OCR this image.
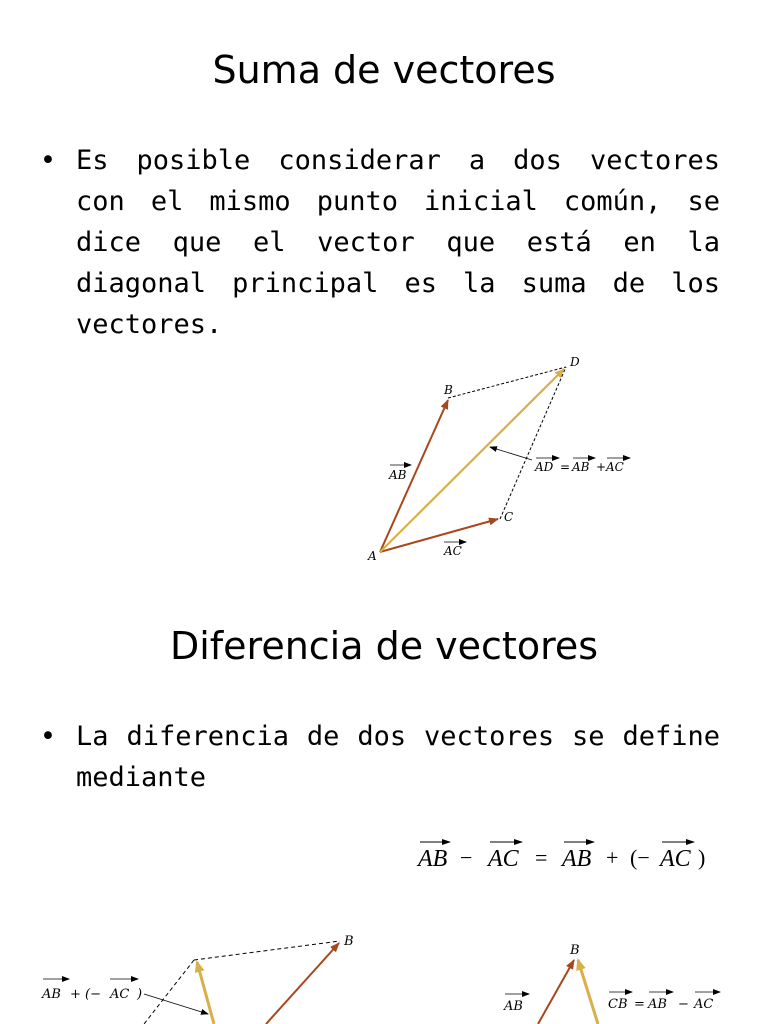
Suma de vectores
• Es posible considerar a dos vectores con el mismo punto inicial común, se dice que el vector que está en la diagonal principal es la suma de los vectores.
A
B
C
D
AB
AC
AD = AB + AC
Diferencia de vectores
• La diferencia de dos vectores se define mediante
AB − AC = AB + (− AC )
B
AB + (− AC )
B
AB	CB = AB − AC
